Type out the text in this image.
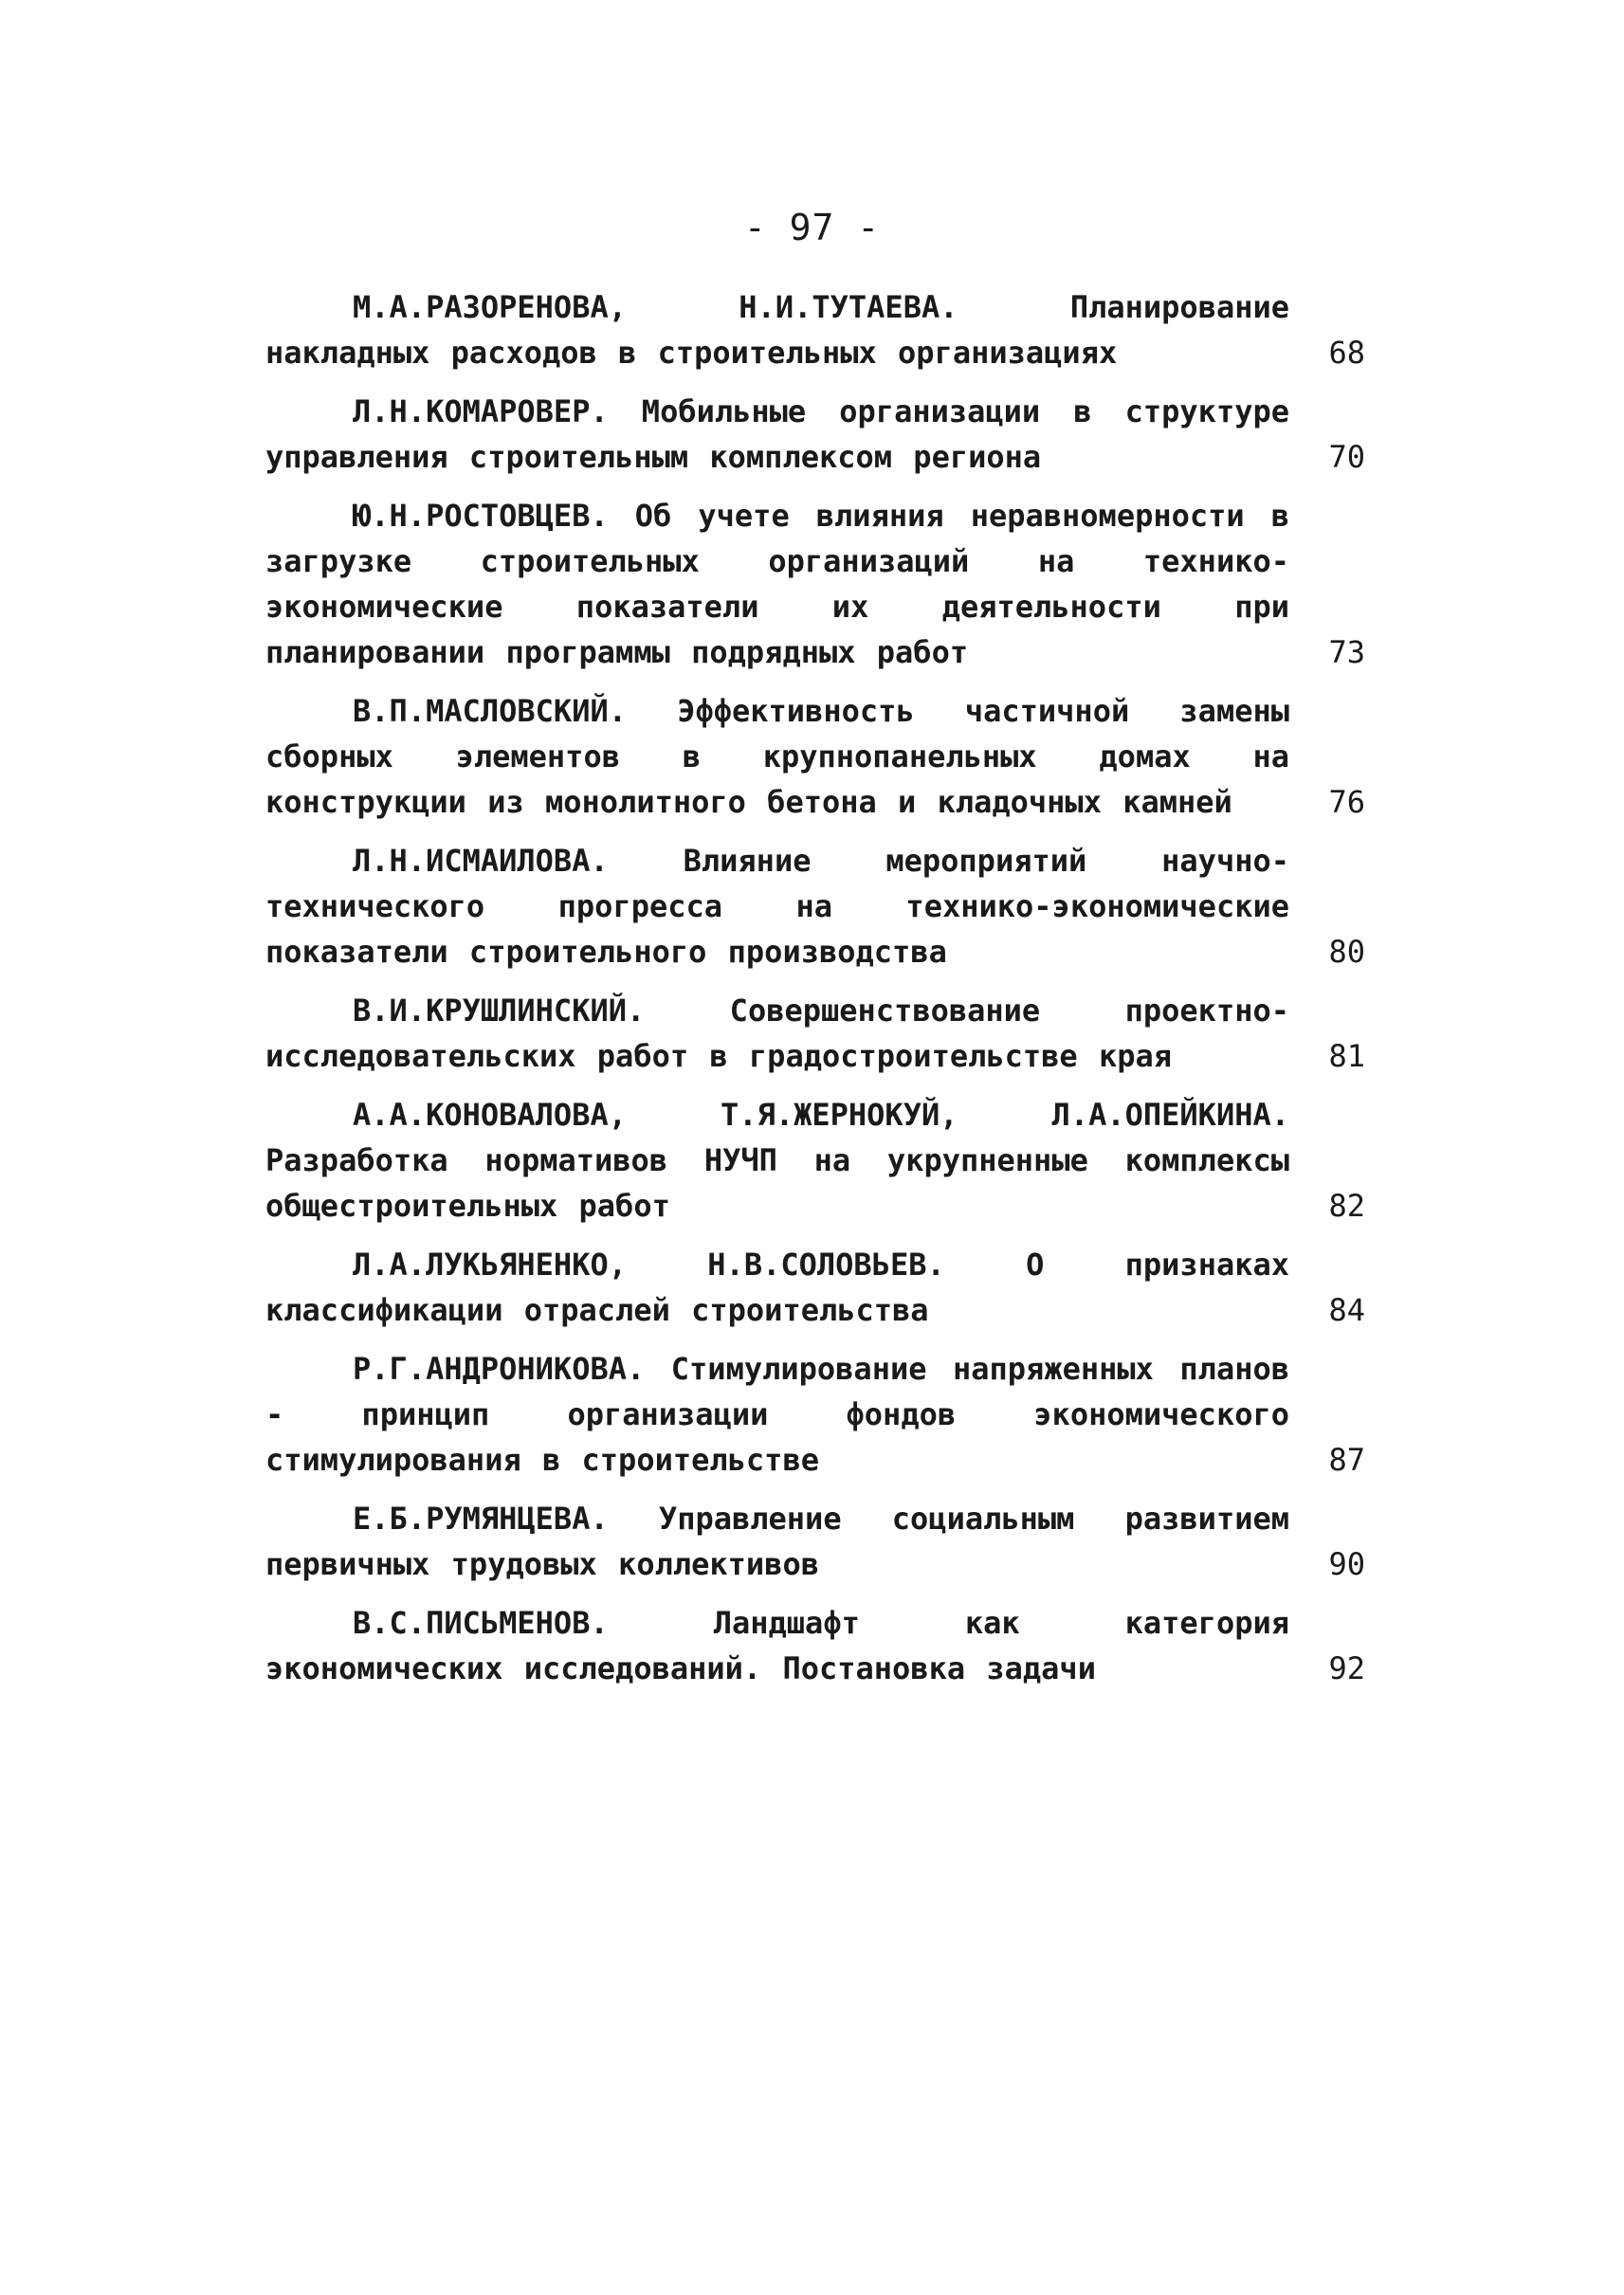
- 97 -
М.А.РАЗОРЕНОВА, Н.И.ТУТАЕВА.	Планирование накладных расходов в строительных организациях	68
Л.Н.КОМАРОВЕР. Мобильные организации в структуре управления строительным комплексом региона	70
Ю.Н.РОСТОВЦЕВ. Об учете влияния неравномерности в загрузке строительных организаций на технико-экономические показатели их деятельности при планировании программы подрядных работ	73
В.П.МАСЛОВСКИЙ. Эффективность частичной замены сборных элементов в крупнопанельных домах на конструкции из монолитного бетона и кладочных камней	76
Л.Н.ИСМАИЛОВА. Влияние мероприятий научно-технического прогресса на технико-экономические показатели строительного производства	80
В.И.КРУШЛИНСКИЙ.	Совершенствование проектно-исследовательских работ в градостроительстве края	81
А.А.КОНОВАЛОВА, Т.Я.ЖЕРНОКУЙ, Л.А.ОПЕЙКИНА. Разработка нормативов НУЧП на укрупненные комплексы общестроительных работ	82
Л.А.ЛУКЬЯНЕНКО, Н.В.СОЛОВЬЕВ.	О признаках классификации отраслей строительства	84
Р.Г.АНДРОНИКОВА. Стимулирование напряженных планов - принцип организации фондов экономического стимулирования в строительстве	87
Е.Б.РУМЯНЦЕВА. Управление социальным развитием первичных трудовых коллективов	90
В.С.ПИСЬМЕНОВ.	Ландшафт как категория экономических исследований. Постановка задачи	92
